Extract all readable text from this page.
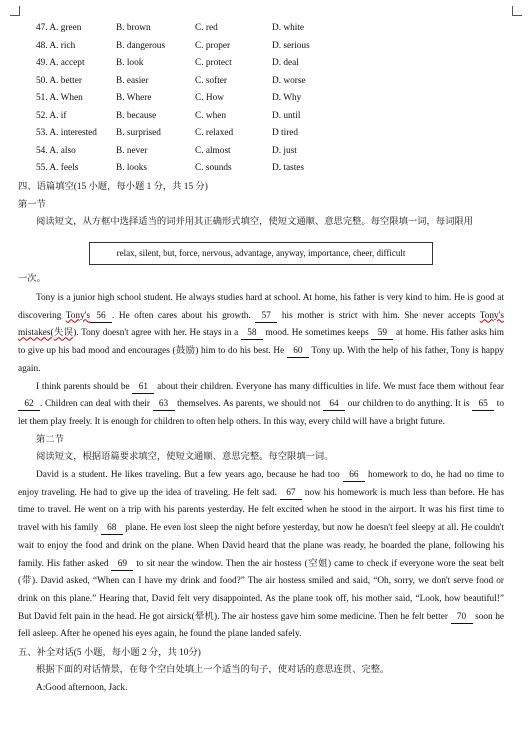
47. A. green	B. brown	C. red	D. white
48. A. rich	B. dangerous	C. proper	D. serious
49. A. accept	B. look	C. protect	D. deal
50. A. better	B. easier	C. softer	D. worse
51. A. When	B. Where	C. How	D. Why
52. A. if	B. because	C. when	D. until
53. A. interested B. surprised	C. relaxed	D tired
54. A. also	B. never	C. almost	D. just
55. A. feels	B. looks	C. sounds	D. tastes
四、语篇填空(15 小题，每小题 1 分，共 15 分)
第一节
阅读短文，从方框中选择适当的词并用其正确形式填空，使短文通顺、意思完整。每空限填一词，每词限用
relax, silent, but, force, nervous, advantage, anyway, importance, cheer, difficult
一次。

Tony is a junior high school student. He always studies hard at school. At home, his father is very kind to him. He is good at discovering Tony's 56 . He often cares about his growth. 57 his mother is strict with him. She never accepts Tony's mistakes(失误). Tony doesn't agree with her. He stays in a 58 mood. He sometimes keeps 59 at home. His father asks him to give up his bad mood and encourages (鼓励) him to do his best. He 60 Tony up. With the help of his father, Tony is happy again.

I think parents should be 61 about their children. Everyone has many difficulties in life. We must face them without fear 62 . Children can deal with their 63 themselves. As parents, we should not 64 our children to do anything. It is 65 to let them play freely. It is enough for children to often help others. In this way, every child will have a bright future.

第二节
阅读短文，根据语篇要求填空，使短文通顺、意思完整。每空限填一词。

David is a student. He likes traveling. But a few years ago, because he had too 66 homework to do, he had no time to enjoy traveling. He had to give up the idea of traveling. He felt sad. 67 now his homework is much less than before. He has time to travel. He went on a trip with his parents yesterday. He felt excited when he stood in the airport. It was his first time to travel with his family 68 plane. He even lost sleep the night before yesterday, but now he doesn't feel sleepy at all. He couldn't wait to enjoy the food and drink on the plane. When David heard that the plane was ready, he boarded the plane, following his family. His father asked 69 to sit near the window. Then the air hostess (空姐) came to check if everyone wore the seat belt (带). David asked, “When can I have my drink and food?” The air hostess smiled and said, “Oh, sorry, we don't serve food or drink on this plane.” Hearing that, David felt very disappointed. As the plane took off, his mother said, “Look, how beautiful!” But David felt pain in the head. He got airsick(晕机). The air hostess gave him some medicine. Then he felt better 70 soon he fell asleep. After he opened his eyes again, he found the plane landed safely.

五、补全对话(5 小题，每小题 2 分，共 10分)
根据下面的对话情景，在每个空白处填上一个适当的句子，使对话的意思连贯、完整。
A:Good afternoon, Jack.
